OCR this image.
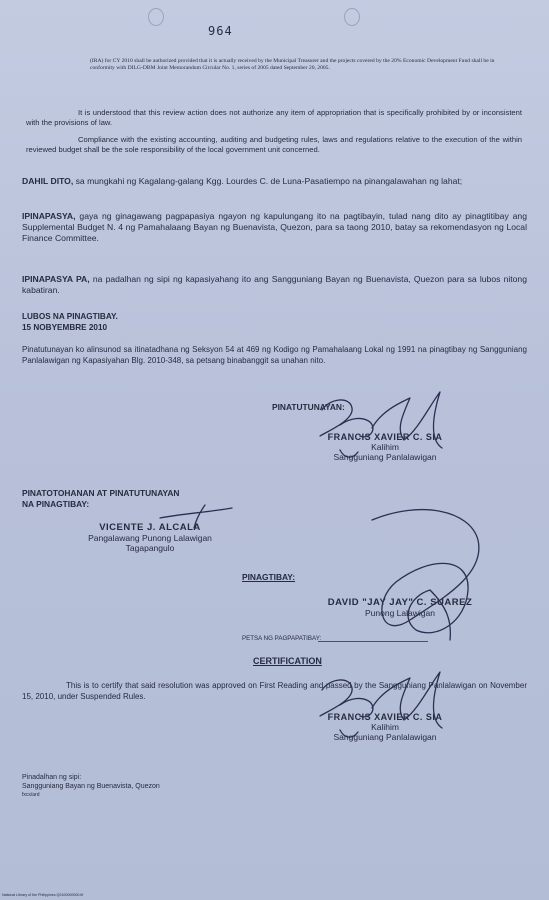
964
(IRA) for CY 2010 shall be authorized provided that it is actually received by the Municipal Treasurer and the projects covered by the 20% Economic Development Fund shall be in conformity with DILG-DBM Joint Memorandum Circular No. 1, series of 2005 dated September 20, 2005.
It is understood that this review action does not authorize any item of appropriation that is specifically prohibited by or inconsistent with the provisions of law.
Compliance with the existing accounting, auditing and budgeting rules, laws and regulations relative to the execution of the within reviewed budget shall be the sole responsibility of the local government unit concerned.
DAHIL DITO, sa mungkahi ng Kagalang-galang Kgg. Lourdes C. de Luna-Pasatiempo na pinangalawahan ng lahat;
IPINAPASYA, gaya ng ginagawang pagpapasiya ngayon ng kapulungang ito na pagtibayin, tulad nang dito ay pinagtitibay ang Supplemental Budget N. 4 ng Pamahalaang Bayan ng Buenavista, Quezon, para sa taong 2010, batay sa rekomendasyon ng Local Finance Committee.
IPINAPASYA PA, na padalhan ng sipi ng kapasiyahang ito ang Sangguniang Bayan ng Buenavista, Quezon para sa lubos nitong kabatiran.
LUBOS NA PINAGTIBAY.
15 NOBYEMBRE 2010
Pinatutunayan ko alinsunod sa itinatadhana ng Seksyon 54 at 469 ng Kodigo ng Pamahalaang Lokal ng 1991 na pinagtibay ng Sangguniang Panlalawigan ng Kapasiyahan Blg. 2010-348, sa petsang binabanggit sa unahan nito.
PINATUTUNAYAN:
FRANCIS XAVIER C. SIA
Kalihim
Sangguniang Panlalawigan
PINATOTOHANAN AT PINATUTUNAYAN
NA PINAGTIBAY:
VICENTE J. ALCALA
Pangalawang Punong Lalawigan
Tagapangulo
PINAGTIBAY:
DAVID "JAY JAY" C. SUAREZ
Punong Lalawigan
PETSA NG PAGPAPATIBAY:
CERTIFICATION
This is to certify that said resolution was approved on First Reading and passed by the Sangguniang Panlalawigan on November 15, 2010, under Suspended Rules.
FRANCIS XAVIER C. SIA
Kalihim
Sangguniang Panlalawigan
Pinadalhan ng sipi:
Sangguniang Bayan ng Buenavista, Quezon
fxcs/ard
National Library of the Philippines Q0100000000.tif
